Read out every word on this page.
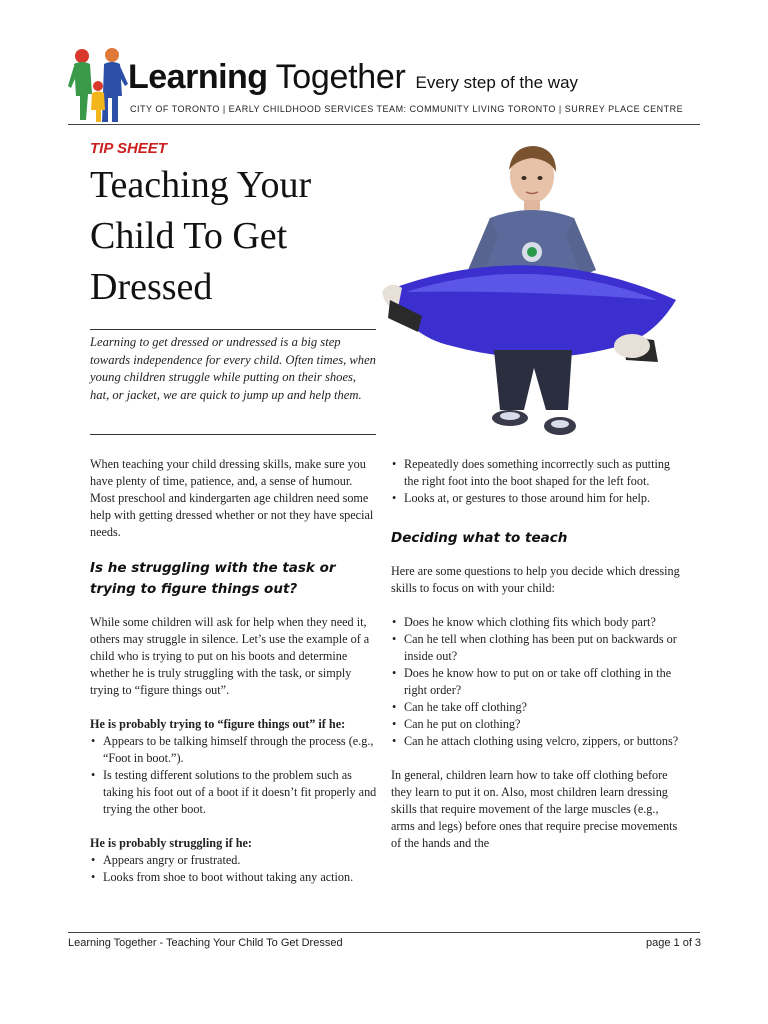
Learning Together Every step of the way
CITY OF TORONTO | EARLY CHILDHOOD SERVICES TEAM: COMMUNITY LIVING TORONTO | SURREY PLACE CENTRE
TIP SHEET
Teaching Your Child To Get Dressed

Learning to get dressed or undressed is a big step towards independence for every child. Often times, when young children struggle while putting on their shoes, hat, or jacket, we are quick to jump up and help them.

When teaching your child dressing skills, make sure you have plenty of time, patience, and, a sense of humour. Most preschool and kindergarten age children need some help with getting dressed whether or not they have special needs.

Is he struggling with the task or trying to figure things out?

While some children will ask for help when they need it, others may struggle in silence. Let’s use the example of a child who is trying to put on his boots and determine whether he is truly struggling with the task, or simply trying to “figure things out”.

He is probably trying to “figure things out” if he:

• Appears to be talking himself through the process (e.g., “Foot in boot.”).
• Is testing different solutions to the problem such as taking his foot out of a boot if it doesn’t fit properly and trying the other boot.

He is probably struggling if he:

• Appears angry or frustrated.
• Looks from shoe to boot without taking any action.
• Repeatedly does something incorrectly such as putting the right foot into the boot shaped for the left foot.
• Looks at, or gestures to those around him for help.
Deciding what to teach

Here are some questions to help you decide which dressing skills to focus on with your child:

• Does he know which clothing fits which body part?
• Can he tell when clothing has been put on backwards or inside out?
• Does he know how to put on or take off clothing in the right order?
• Can he take off clothing?
• Can he put on clothing?
• Can he attach clothing using velcro, zippers, or buttons?

In general, children learn how to take off clothing before they learn to put it on. Also, most children learn dressing skills that require movement of the large muscles (e.g., arms and legs) before ones that require precise movements of the hands and the

Learning Together - Teaching Your Child To Get Dressed	page 1 of 3
